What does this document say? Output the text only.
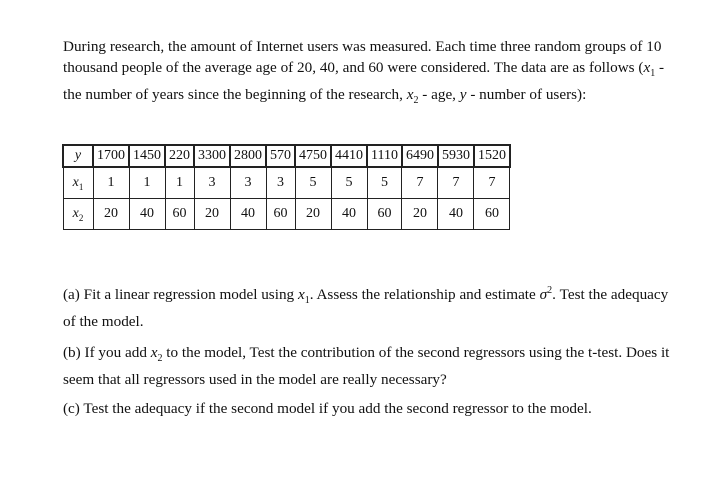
During research, the amount of Internet users was measured. Each time three random groups of 10 thousand people of the average age of 20, 40, and 60 were considered. The data are as follows ($x_1$ - the number of years since the beginning of the research, $x_2$ - age, y - number of users):

y	1700	1450	220	3300	2800	570	4750	4410	1110	6490	5930	1520
$x_1$	1	1	1	3	3	3	5	5	5	7	7	7
$x_2$	20	40	60	20	40	60	20	40	60	20	40	60

(a) Fit a linear regression model using $x_1$. Assess the relationship and estimate $\sigma^2$. Test the adequacy of the model.

(b) If you add $x_2$ to the model, Test the contribution of the second regressors using the t-test. Does it seem that all regressors used in the model are really necessary?

(c) Test the adequacy if the second model if you add the second regressor to the model.
